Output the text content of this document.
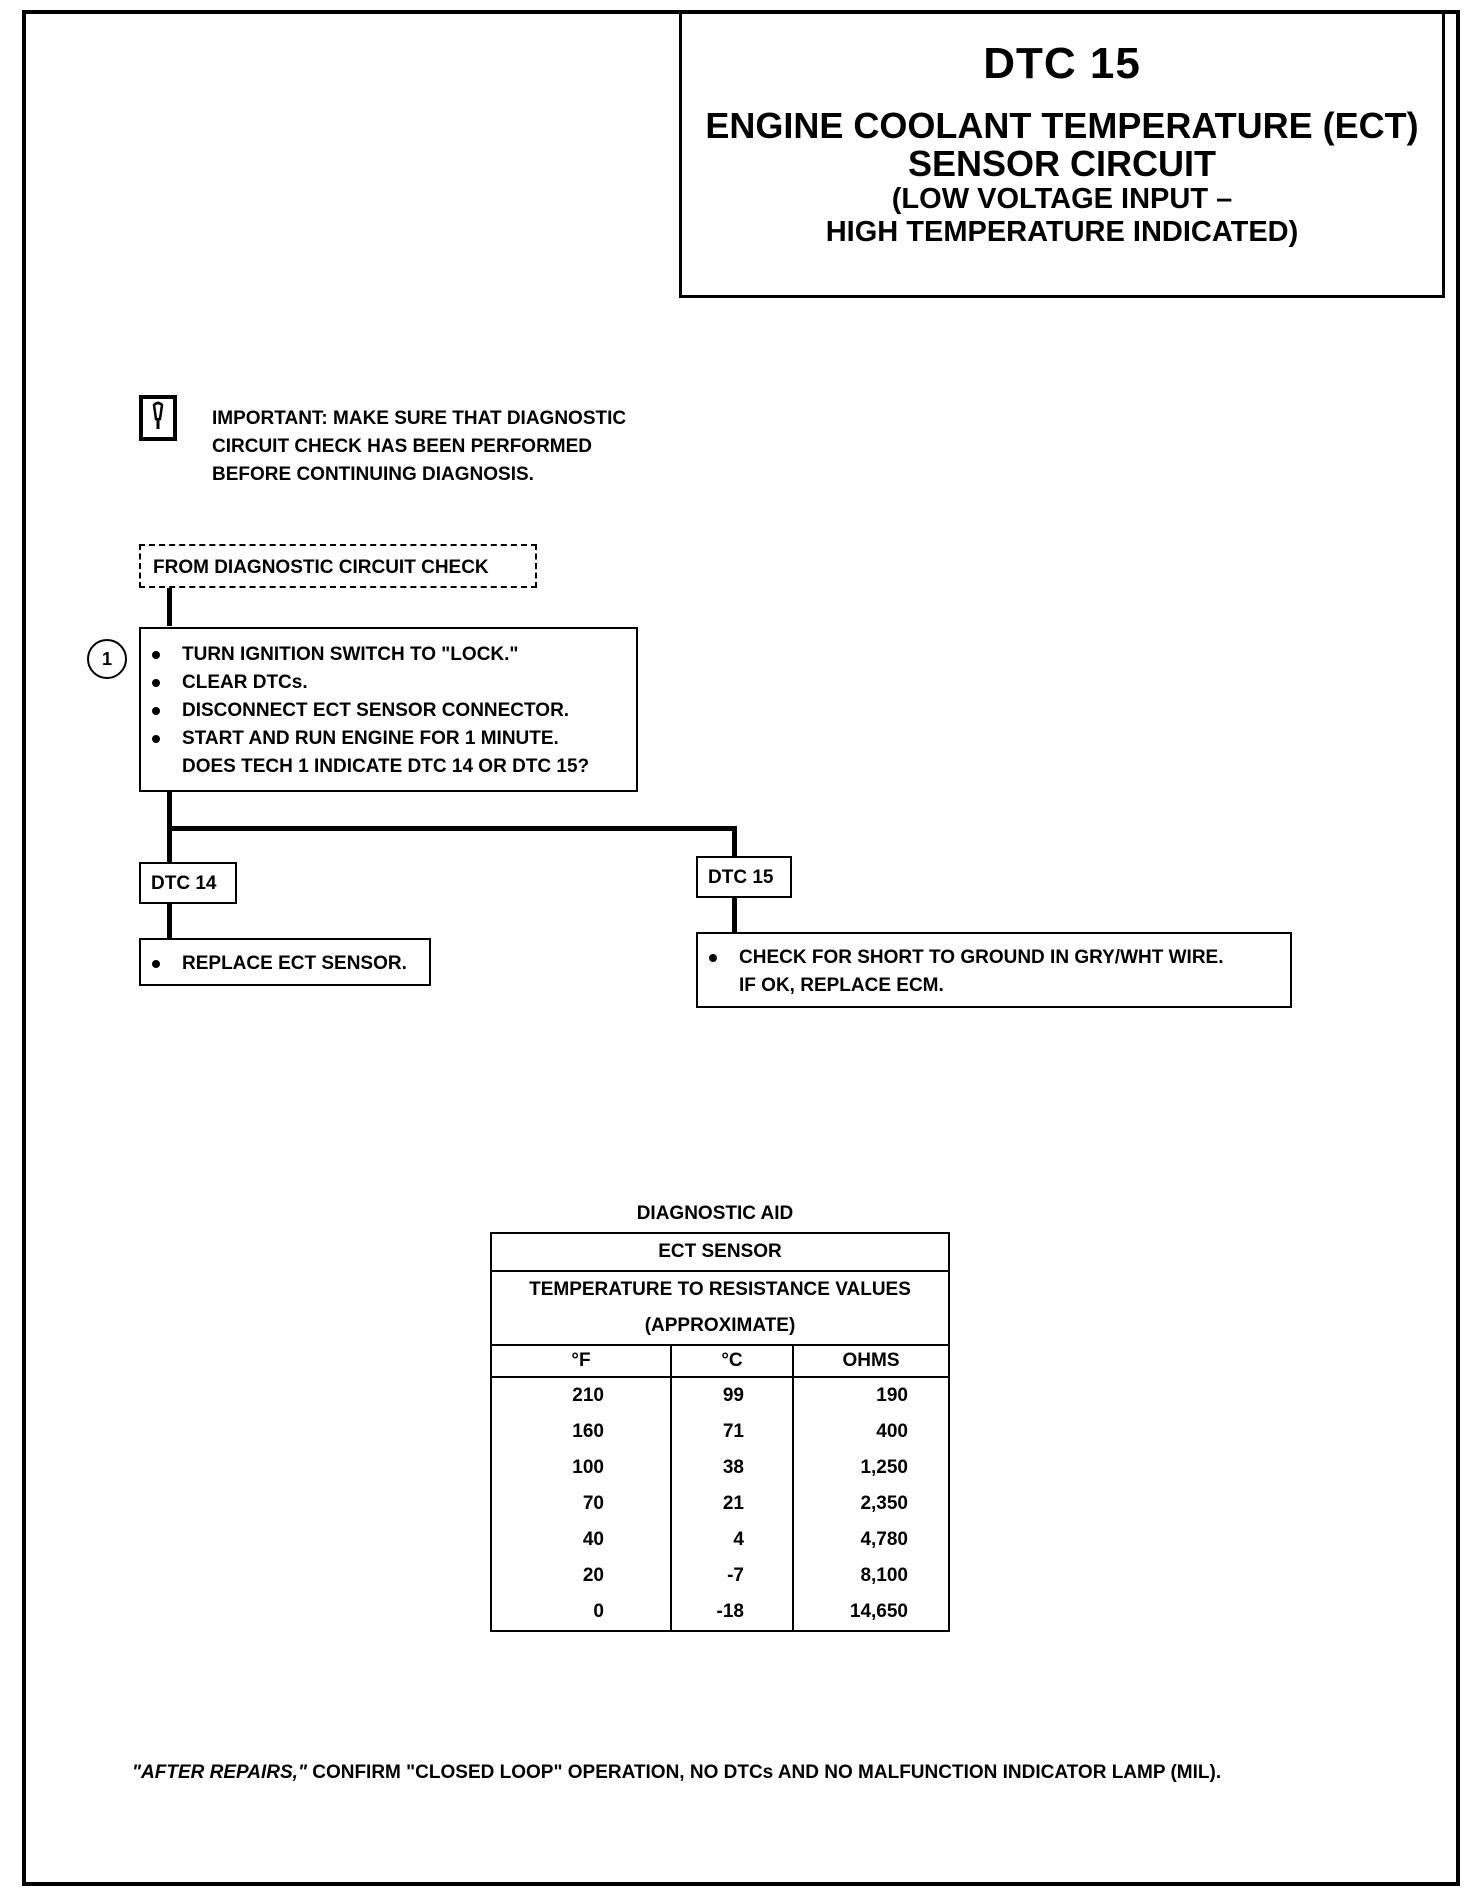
DTC 15
ENGINE COOLANT TEMPERATURE (ECT)
SENSOR CIRCUIT
(LOW VOLTAGE INPUT –
HIGH TEMPERATURE INDICATED)
IMPORTANT: MAKE SURE THAT DIAGNOSTIC
CIRCUIT CHECK HAS BEEN PERFORMED
BEFORE CONTINUING DIAGNOSIS.
FROM DIAGNOSTIC CIRCUIT CHECK
1	TURN IGNITION SWITCH TO "LOCK."
CLEAR DTCs.
DISCONNECT ECT SENSOR CONNECTOR.
START AND RUN ENGINE FOR 1 MINUTE.
DOES TECH 1 INDICATE DTC 14 OR DTC 15?
DTC 14	DTC 15
REPLACE ECT SENSOR.	CHECK FOR SHORT TO GROUND IN GRY/WHT WIRE.
IF OK, REPLACE ECM.
DIAGNOSTIC AID
ECT SENSOR		
TEMPERATURE TO RESISTANCE VALUES		
(APPROXIMATE)		
°F	°C	OHMS
210	99	190
160	71	400
100	38	1,250
70	21	2,350
40	4	4,780
20	-7	8,100
0	-18	14,650
"AFTER REPAIRS," CONFIRM "CLOSED LOOP" OPERATION, NO DTCs AND NO MALFUNCTION INDICATOR LAMP (MIL).
